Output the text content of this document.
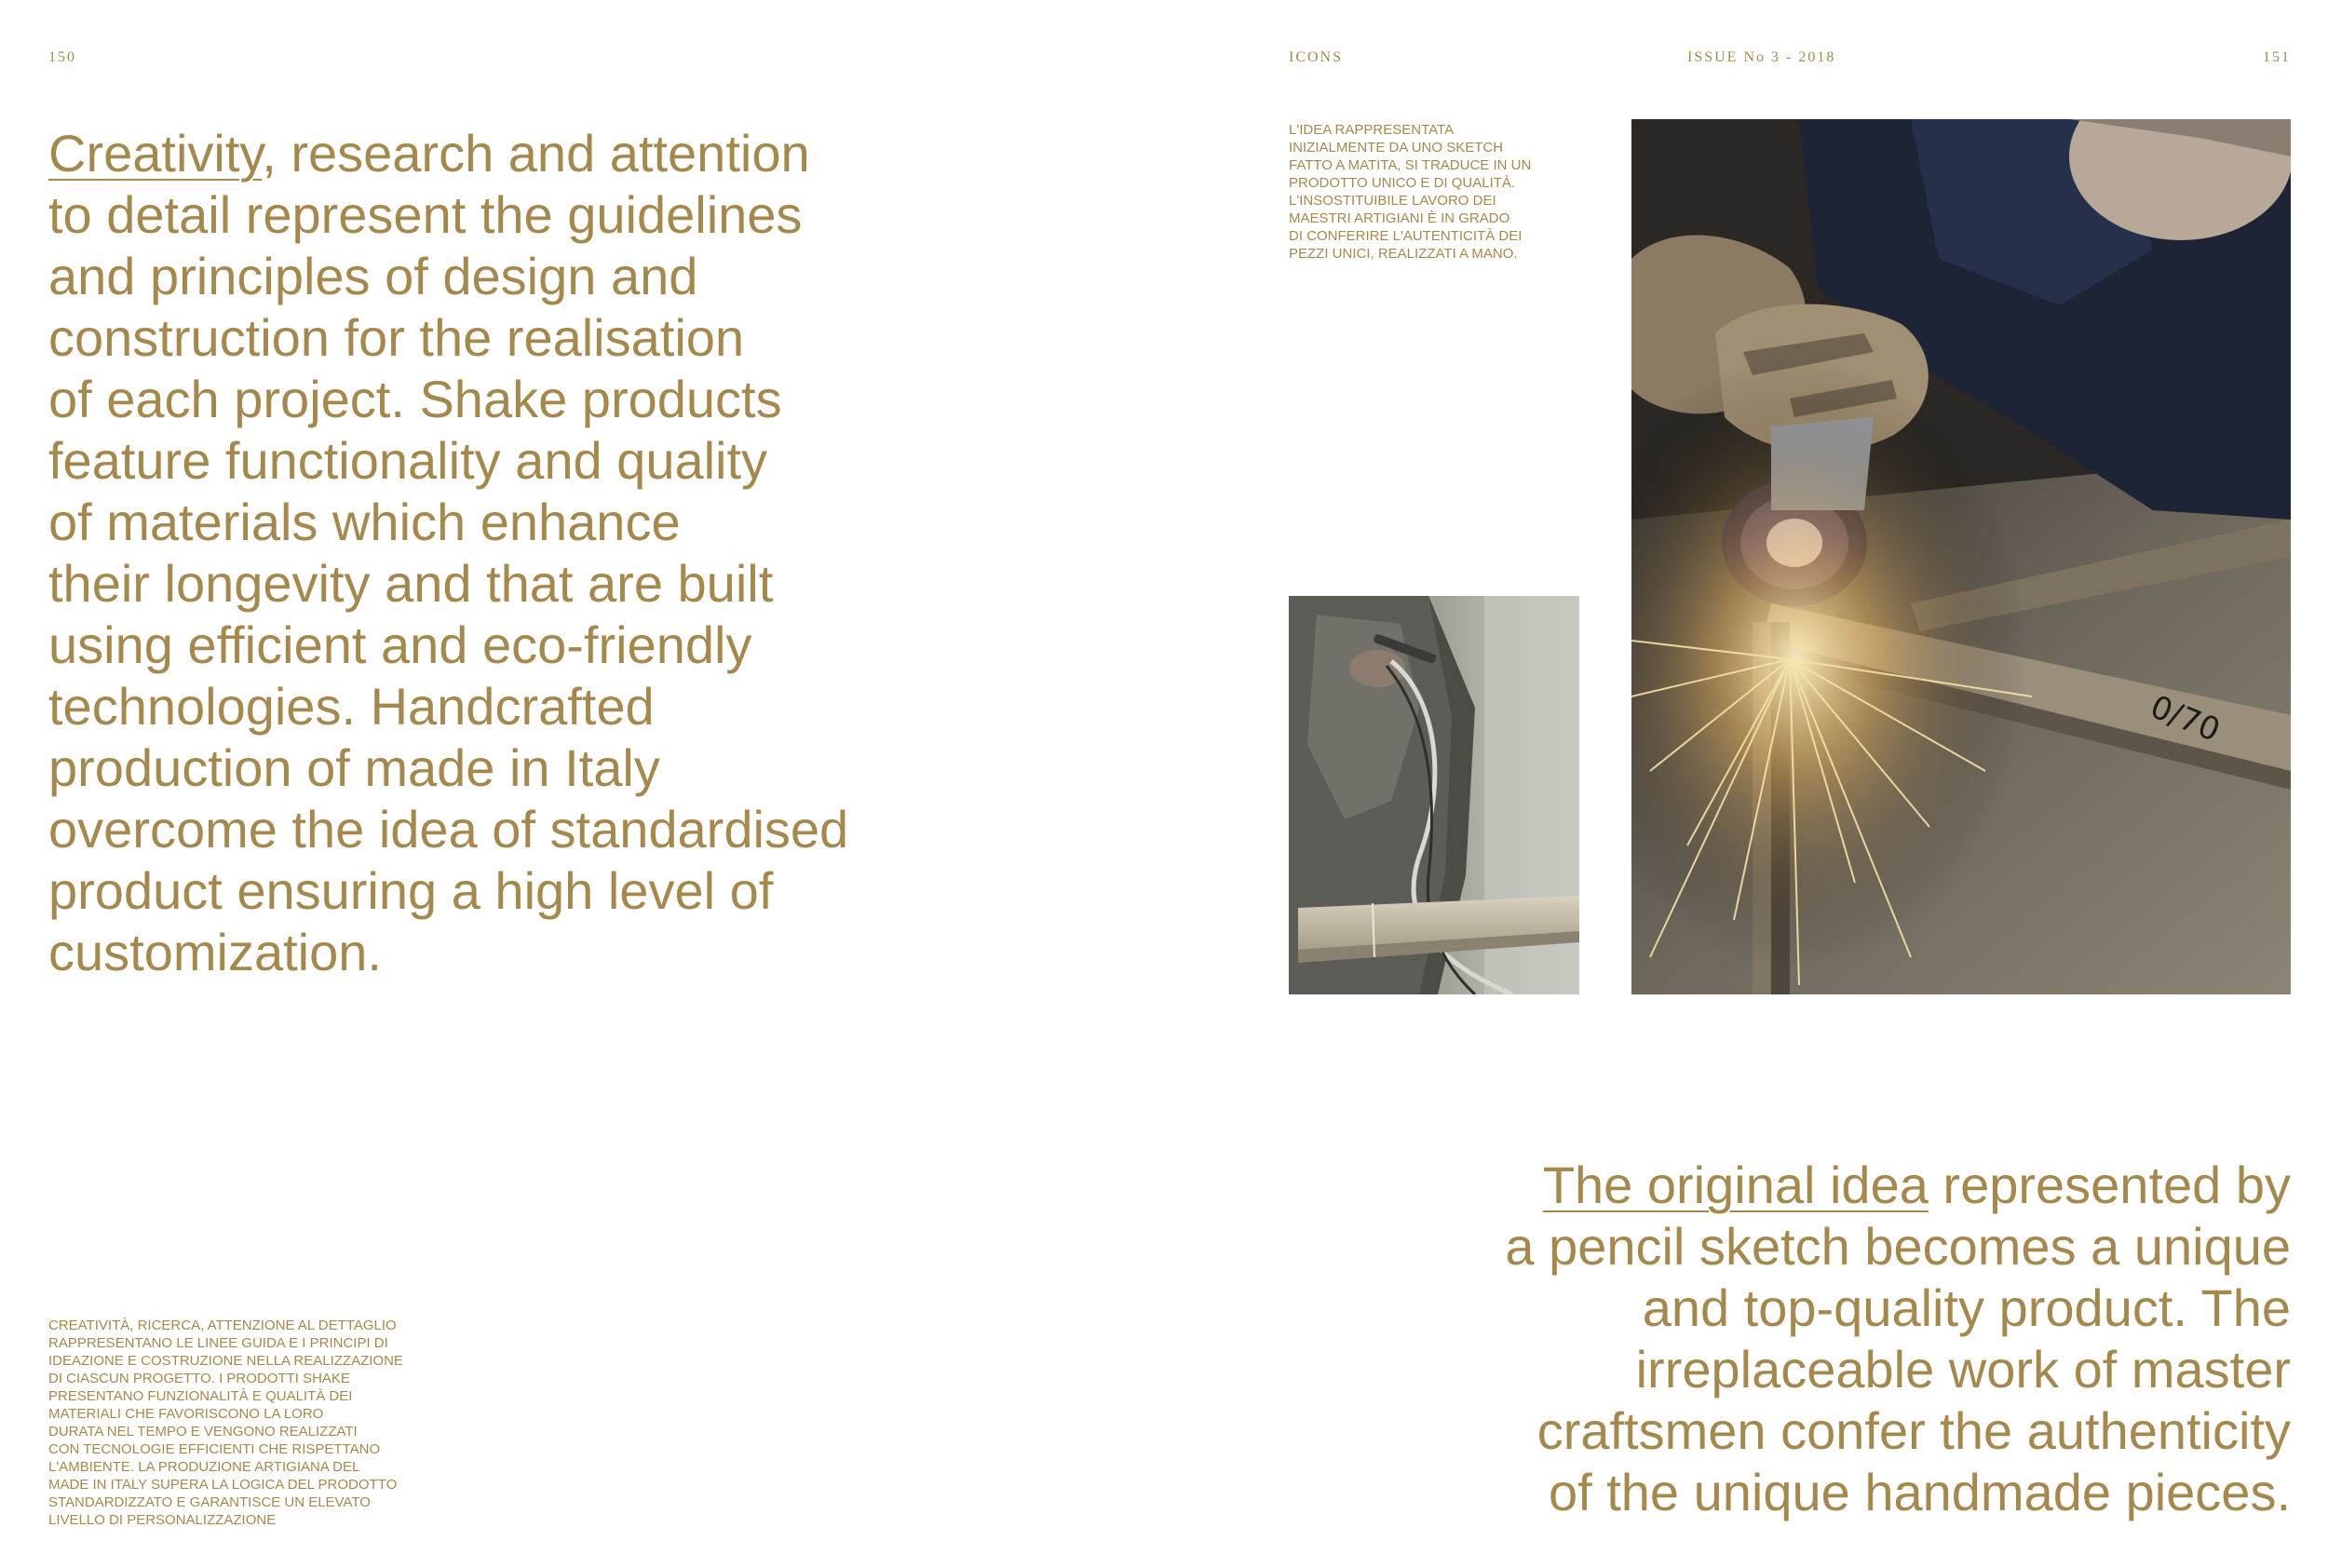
150
Creativity, research and attention
to detail represent the guidelines
and principles of design and
construction for the realisation
of each project. Shake products
feature functionality and quality
of materials which enhance
their longevity and that are built
using efficient and eco-friendly
technologies. Handcrafted
production of made in Italy
overcome the idea of standardised
product ensuring a high level of
customization.
CREATIVITÀ, RICERCA, ATTENZIONE AL DETTAGLIO
RAPPRESENTANO LE LINEE GUIDA E I PRINCIPI DI
IDEAZIONE E COSTRUZIONE NELLA REALIZZAZIONE
DI CIASCUN PROGETTO. I PRODOTTI SHAKE
PRESENTANO FUNZIONALITÀ E QUALITÀ DEI
MATERIALI CHE FAVORISCONO LA LORO
DURATA NEL TEMPO E VENGONO REALIZZATI
CON TECNOLOGIE EFFICIENTI CHE RISPETTANO
L'AMBIENTE. LA PRODUZIONE ARTIGIANA DEL
MADE IN ITALY SUPERA LA LOGICA DEL PRODOTTO
STANDARDIZZATO E GARANTISCE UN ELEVATO
LIVELLO DI PERSONALIZZAZIONE
ICONS	ISSUE No 3 - 2018	151
L'IDEA RAPPRESENTATA
INIZIALMENTE DA UNO SKETCH
FATTO A MATITA, SI TRADUCE IN UN
PRODOTTO UNICO E DI QUALITÀ.
L'INSOSTITUIBILE LAVORO DEI
MAESTRI ARTIGIANI È IN GRADO
DI CONFERIRE L'AUTENTICITÀ DEI
PEZZI UNICI, REALIZZATI A MANO.
The original idea represented by
a pencil sketch becomes a unique
and top-quality product. The
irreplaceable work of master
craftsmen confer the authenticity
of the unique handmade pieces.
